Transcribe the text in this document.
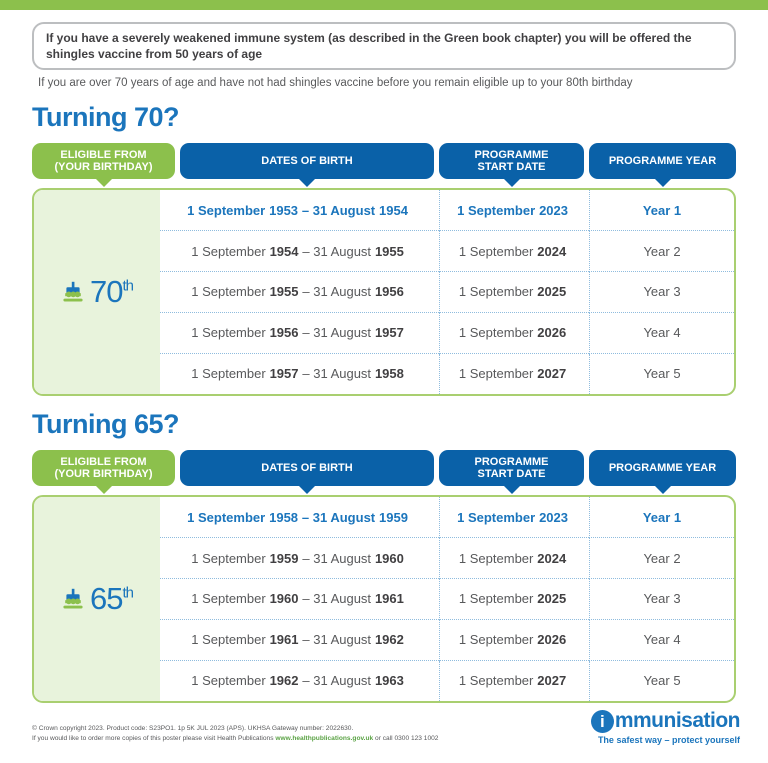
If you have a severely weakened immune system (as described in the Green book chapter) you will be offered the shingles vaccine from 50 years of age
If you are over 70 years of age and have not had shingles vaccine before you remain eligible up to your 80th birthday
Turning 70?
ELIGIBLE FROM
(YOUR BIRTHDAY)
DATES OF BIRTH
PROGRAMME START DATE
PROGRAMME YEAR
70th
1 September 1953 – 31 August 1954	1 September 2023	Year 1
1 September 1954 – 31 August 1955	1 September 2024	Year 2
1 September 1955 – 31 August 1956	1 September 2025	Year 3
1 September 1956 – 31 August 1957	1 September 2026	Year 4
1 September 1957 – 31 August 1958	1 September 2027	Year 5
Turning 65?
ELIGIBLE FROM
(YOUR BIRTHDAY)
DATES OF BIRTH
PROGRAMME START DATE
PROGRAMME YEAR
65th
1 September 1958 – 31 August 1959	1 September 2023	Year 1
1 September 1959 – 31 August 1960	1 September 2024	Year 2
1 September 1960 – 31 August 1961	1 September 2025	Year 3
1 September 1961 – 31 August 1962	1 September 2026	Year 4
1 September 1962 – 31 August 1963	1 September 2027	Year 5
© Crown copyright 2023. Product code: S23PO1. 1p 5K JUL 2023 (APS). UKHSA Gateway number: 2022630.
If you would like to order more copies of this poster please visit Health Publications www.healthpublications.gov.uk or call 0300 123 1002
i mmunisation
The safest way – protect yourself
